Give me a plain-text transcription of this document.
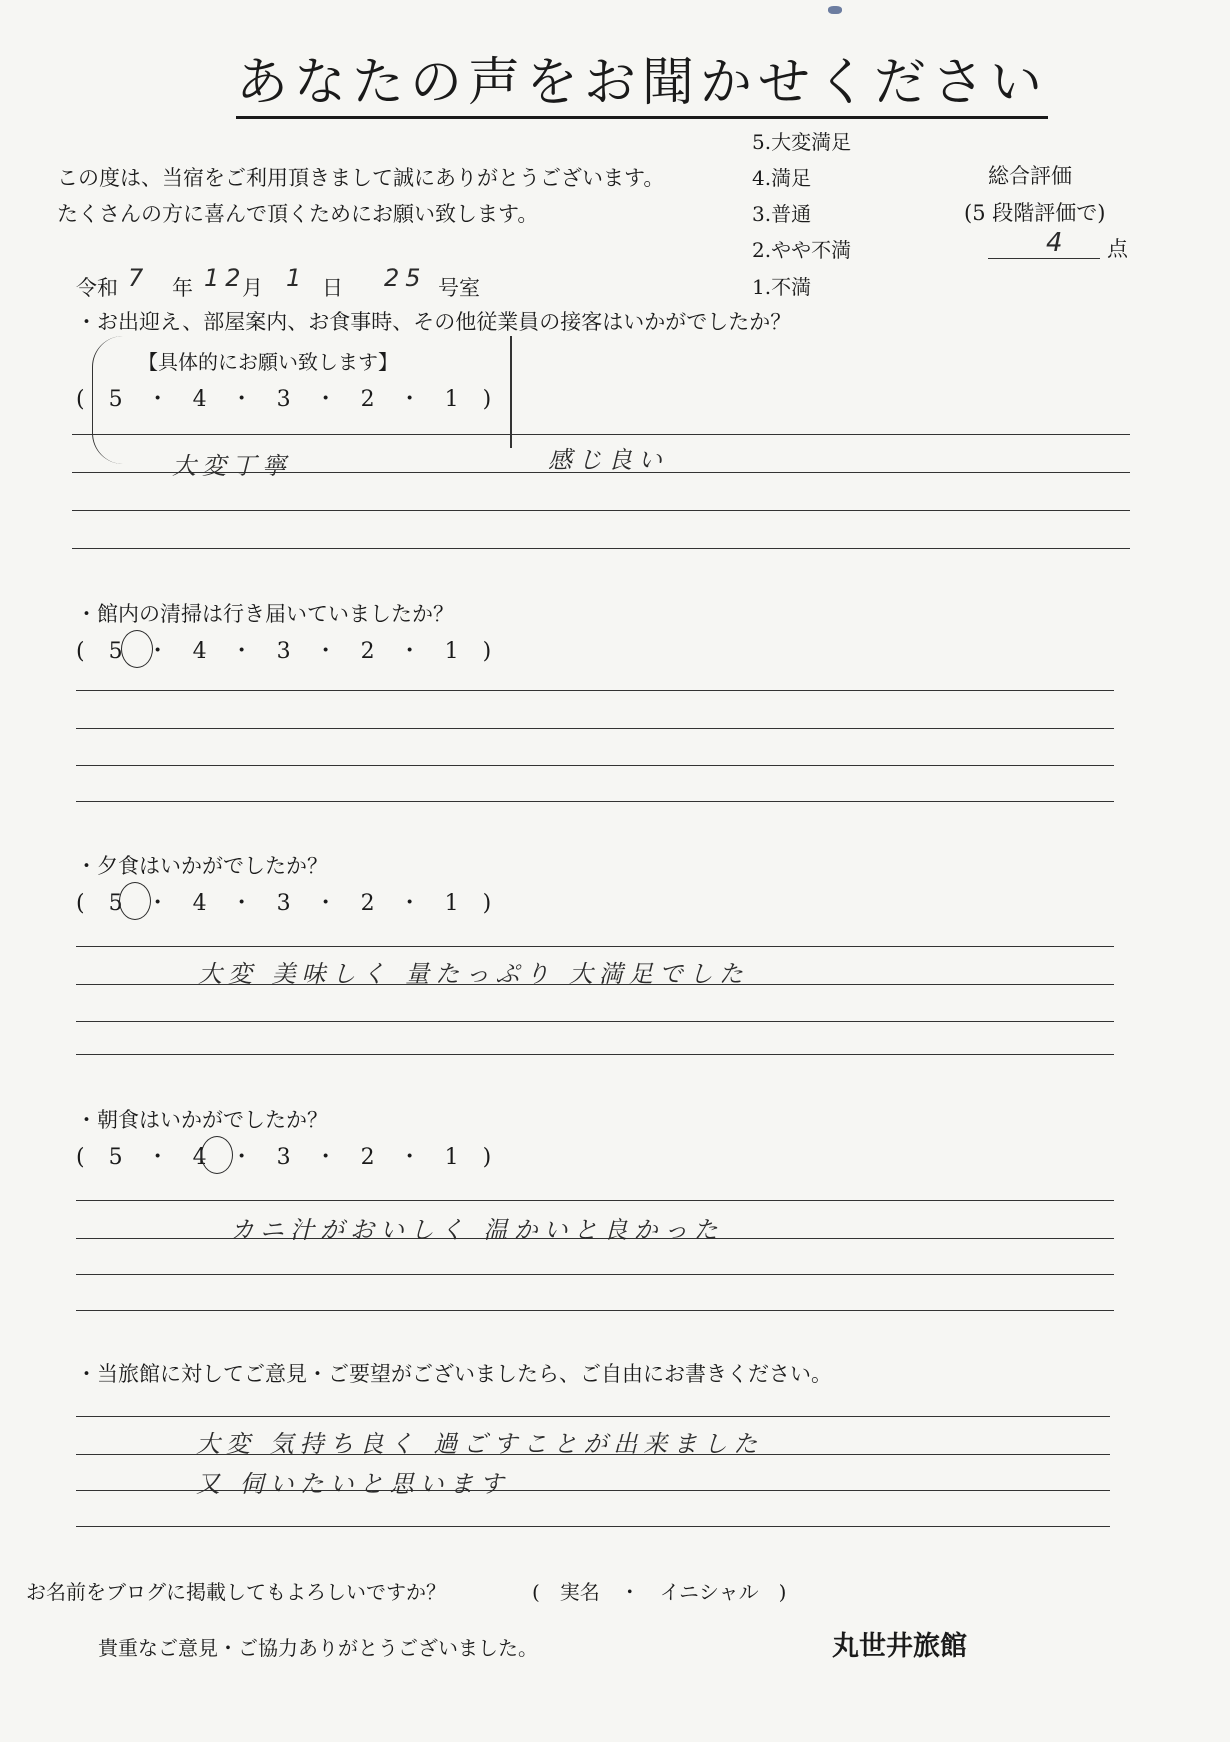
あなたの声をお聞かせください
この度は、当宿をご利用頂きまして誠にありがとうございます。
たくさんの方に喜んで頂くためにお願い致します。
5.大変満足
4.満足
3.普通
2.やや不満
1.不満
総合評価
(5 段階評価で)
4 点
令和 7 年 12
月 1 日 25 号室
・お出迎え、部屋案内、お食事時、その他従業員の接客はいかがでしたか？
【具体的にお願い致します】
(　5　・　4　・　3　・　2　・　1　)
大変丁寧	感じ良い
・館内の清掃は行き届いていましたか？
(　5　・　4　・　3　・　2　・　1　)
・夕食はいかがでしたか？
(　5　・　4　・　3　・　2　・　1　)
大変 美味しく 量たっぷり 大満足でした
・朝食はいかがでしたか？
(　5　・　4　・　3　・　2　・　1　)
カニ汁がおいしく 温かいと良かった
・当旅館に対してご意見・ご要望がございましたら、ご自由にお書きください。
大変 気持ち良く 過ごすことが出来ました
又 伺いたいと思います
お名前をブログに掲載してもよろしいですか？	(　実名　・　イニシャル　)
貴重なご意見・ご協力ありがとうございました。	丸世井旅館
